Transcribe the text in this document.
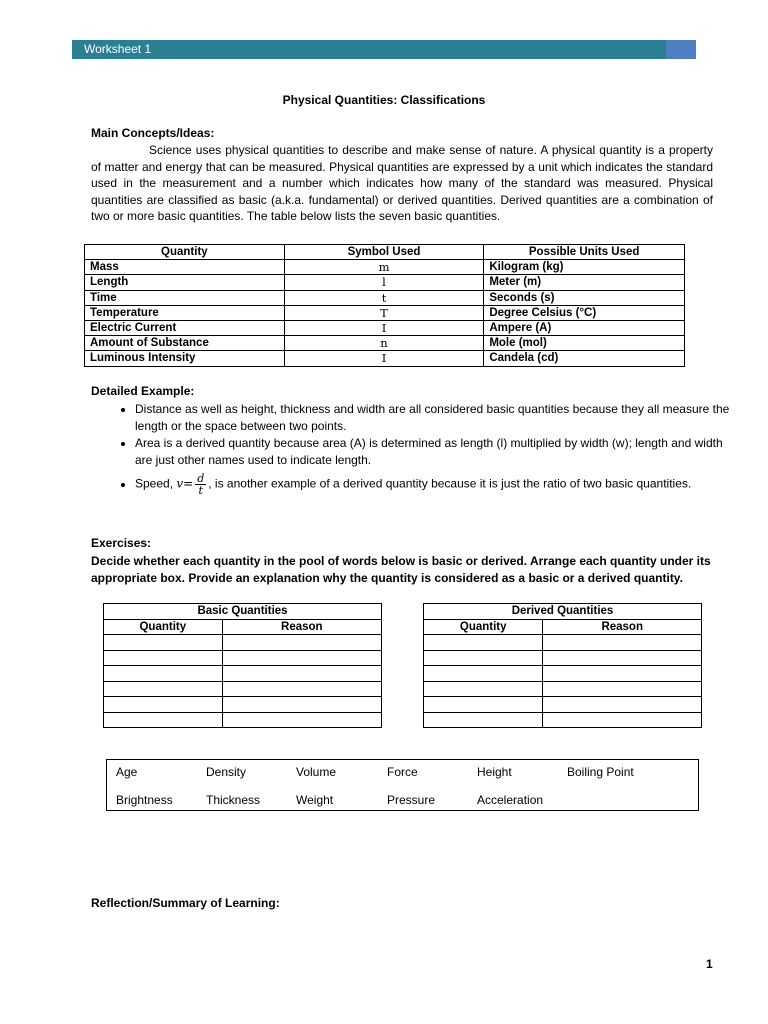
Worksheet 1
Physical Quantities: Classifications
Main Concepts/Ideas:
Science uses physical quantities to describe and make sense of nature. A physical quantity is a property of matter and energy that can be measured. Physical quantities are expressed by a unit which indicates the standard used in the measurement and a number which indicates how many of the standard was measured. Physical quantities are classified as basic (a.k.a. fundamental) or derived quantities. Derived quantities are a combination of two or more basic quantities. The table below lists the seven basic quantities.
Quantity	Symbol Used	Possible Units Used
Mass	m	Kilogram (kg)
Length	l	Meter (m)
Time	t	Seconds (s)
Temperature	T	Degree Celsius (°C)
Electric Current	I	Ampere (A)
Amount of Substance	n	Mole (mol)
Luminous Intensity	I	Candela (cd)
Detailed Example:
• Distance as well as height, thickness and width are all considered basic quantities because they all measure the length or the space between two points.
• Area is a derived quantity because area (A) is determined as length (l) multiplied by width (w); length and width are just other names used to indicate length.
• Speed, $v= \frac{d}{t}$ , is another example of a derived quantity because it is just the ratio of two basic quantities.
Exercises:
Decide whether each quantity in the pool of words below is basic or derived. Arrange each quantity under its appropriate box. Provide an explanation why the quantity is considered as a basic or a derived quantity.
Basic Quantities	
Quantity	Reason

Derived Quantities	
Quantity	Reason

Age	Density	Volume	Force	Height	Boiling Point
Brightness	Thickness	Weight	Pressure	Acceleration
Reflection/Summary of Learning:
1
